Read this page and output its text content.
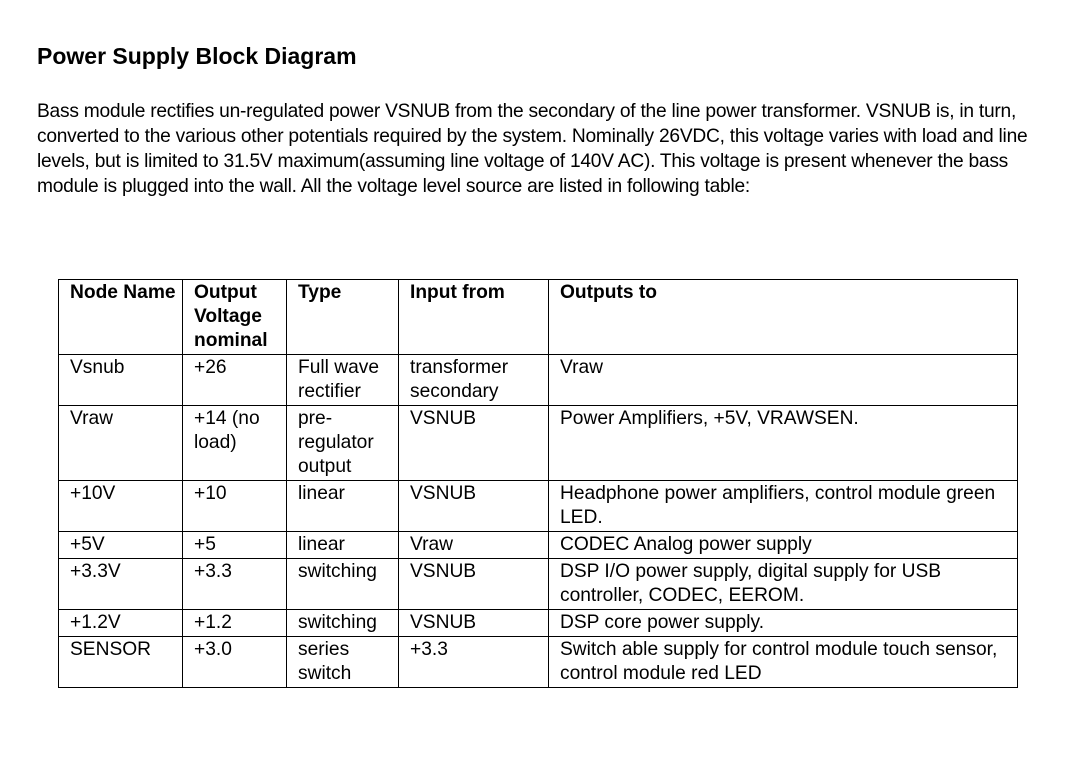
Power Supply Block Diagram

Bass module rectifies un-regulated power VSNUB from the secondary of the line power transformer. VSNUB is, in turn, converted to the various other potentials required by the system. Nominally 26VDC, this voltage varies with load and line levels, but is limited to 31.5V maximum(assuming line voltage of 140V AC). This voltage is present whenever the bass module is plugged into the wall. All the voltage level source are listed in following table:

Node Name	Output Voltage nominal	Type	Input from	Outputs to
Vsnub	+26	Full wave rectifier	transformer secondary	Vraw
Vraw	+14 (no load)	pre-regulator output	VSNUB	Power Amplifiers, +5V, VRAWSEN.
+10V	+10	linear	VSNUB	Headphone power amplifiers, control module green LED.
+5V	+5	linear	Vraw	CODEC Analog power supply
+3.3V	+3.3	switching	VSNUB	DSP I/O power supply, digital supply for USB controller, CODEC, EEROM.
+1.2V	+1.2	switching	VSNUB	DSP core power supply.
SENSOR	+3.0	series switch	+3.3	Switch able supply for control module touch sensor, control module red LED
